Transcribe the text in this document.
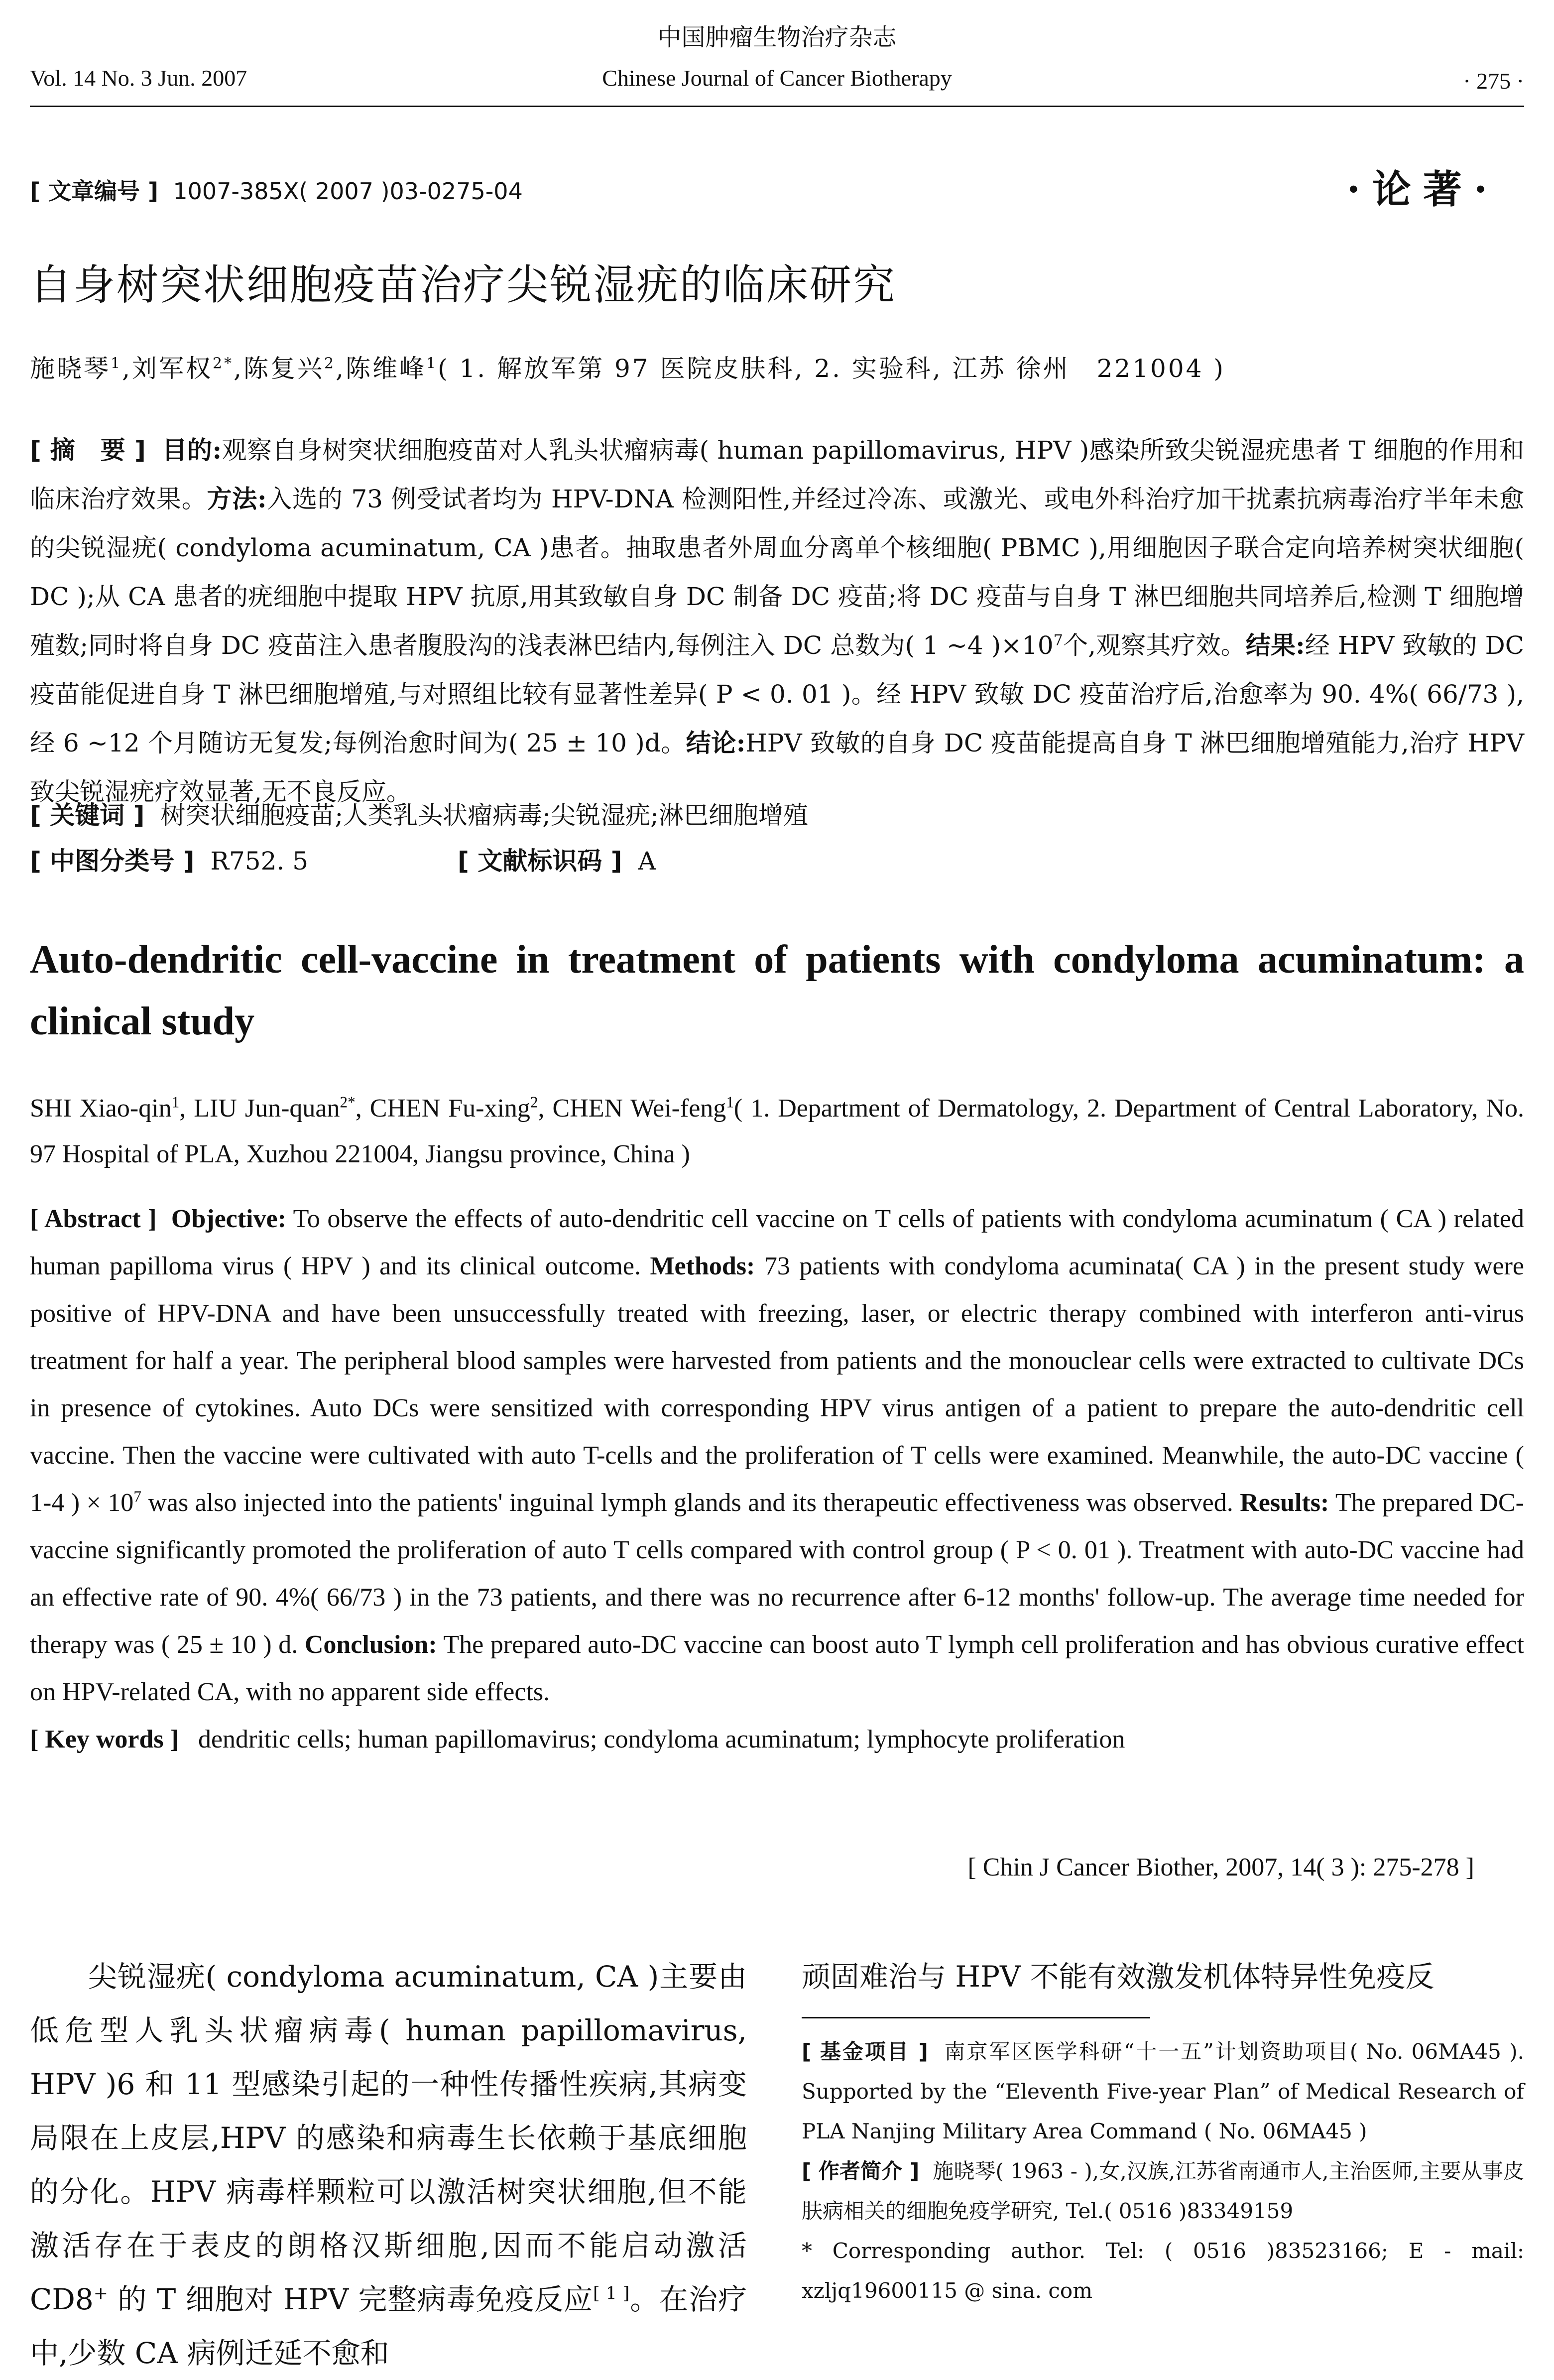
中国肿瘤生物治疗杂志
Vol. 14 No. 3 Jun. 2007	Chinese Journal of Cancer Biotherapy	· 275 ·
[ 文章编号 ] 1007-385X( 2007 )03-0275-04	·论著·
自身树突状细胞疫苗治疗尖锐湿疣的临床研究
施晓琴$^1$,刘军权$^{2*}$,陈复兴$^2$,陈维峰$^1$( 1. 解放军第 97 医院皮肤科, 2. 实验科, 江苏 徐州　221004 )
[ 摘　要 ] 目的:观察自身树突状细胞疫苗对人乳头状瘤病毒( human papillomavirus, HPV )感染所致尖锐湿疣患者 T 细胞的作用和临床治疗效果。方法:入选的 73 例受试者均为 HPV-DNA 检测阳性,并经过冷冻、或激光、或电外科治疗加干扰素抗病毒治疗半年未愈的尖锐湿疣( condyloma acuminatum, CA )患者。抽取患者外周血分离单个核细胞( PBMC ),用细胞因子联合定向培养树突状细胞( DC );从 CA 患者的疣细胞中提取 HPV 抗原,用其致敏自身 DC 制备 DC 疫苗;将 DC 疫苗与自身 T 淋巴细胞共同培养后,检测 T 细胞增殖数;同时将自身 DC 疫苗注入患者腹股沟的浅表淋巴结内,每例注入 DC 总数为( 1 ~4 )$\times 10^7$个,观察其疗效。结果:经 HPV 致敏的 DC 疫苗能促进自身 T 淋巴细胞增殖,与对照组比较有显著性差异( P < 0. 01 )。经 HPV 致敏 DC 疫苗治疗后,治愈率为 90. 4%( 66/73 ),经 6 ~12 个月随访无复发;每例治愈时间为( 25 ± 10 )d。结论:HPV 致敏的自身 DC 疫苗能提高自身 T 淋巴细胞增殖能力,治疗 HPV 致尖锐湿疣疗效显著,无不良反应。
[ 关键词 ] 树突状细胞疫苗;人类乳头状瘤病毒;尖锐湿疣;淋巴细胞增殖
[ 中图分类号 ] R752. 5	[ 文献标识码 ] A
Auto-dendritic cell-vaccine in treatment of patients with condyloma acuminatum: a clinical study
SHI Xiao-qin$^1$, LIU Jun-quan$^{2*}$, CHEN Fu-xing$^2$, CHEN Wei-feng$^1$( 1. Department of Dermatology, 2. Department of Central Laboratory, No. 97 Hospital of PLA, Xuzhou 221004, Jiangsu province, China )
[ Abstract ] Objective: To observe the effects of auto-dendritic cell vaccine on T cells of patients with condyloma acuminatum ( CA ) related human papilloma virus ( HPV ) and its clinical outcome. Methods: 73 patients with condyloma acuminata( CA ) in the present study were positive of HPV-DNA and have been unsuccessfully treated with freezing, laser, or electric therapy combined with interferon anti-virus treatment for half a year. The peripheral blood samples were harvested from patients and the monouclear cells were extracted to cultivate DCs in presence of cytokines. Auto DCs were sensitized with corresponding HPV virus antigen of a patient to prepare the auto-dendritic cell vaccine. Then the vaccine were cultivated with auto T-cells and the proliferation of T cells were examined. Meanwhile, the auto-DC vaccine ( 1-4 ) × $10^7$ was also injected into the patients' inguinal lymph glands and its therapeutic effectiveness was observed. Results: The prepared DC-vaccine significantly promoted the proliferation of auto T cells compared with control group ( P < 0. 01 ). Treatment with auto-DC vaccine had an effective rate of 90. 4%( 66/73 ) in the 73 patients, and there was no recurrence after 6-12 months' follow-up. The average time needed for therapy was ( 25 ± 10 ) d. Conclusion: The prepared auto-DC vaccine can boost auto T lymph cell proliferation and has obvious curative effect on HPV-related CA, with no apparent side effects.
[ Key words ] dendritic cells; human papillomavirus; condyloma acuminatum; lymphocyte proliferation
[ Chin J Cancer Biother, 2007, 14( 3 ): 275-278 ]
尖锐湿疣( condyloma acuminatum, CA )主要由低危型人乳头状瘤病毒( human papillomavirus, HPV )6 和 11 型感染引起的一种性传播性疾病,其病变局限在上皮层,HPV 的感染和病毒生长依赖于基底细胞的分化。HPV 病毒样颗粒可以激活树突状细胞,但不能激活存在于表皮的朗格汉斯细胞,因而不能启动激活 CD8+ 的 T 细胞对 HPV 完整病毒免疫反应[ 1 ]。在治疗中,少数 CA 病例迁延不愈和
顽固难治与 HPV 不能有效激发机体特异性免疫反
[ 基金项目 ] 南京军区医学科研“十一五”计划资助项目( No. 06MA45 ). Supported by the “Eleventh Five-year Plan” of Medical Research of PLA Nanjing Military Area Command ( No. 06MA45 )
[ 作者简介 ] 施晓琴( 1963 - ),女,汉族,江苏省南通市人,主治医师,主要从事皮肤病相关的细胞免疫学研究, Tel.( 0516 )83349159
* Corresponding author. Tel: ( 0516 )83523166; E - mail: xzljq19600115 @ sina. com
